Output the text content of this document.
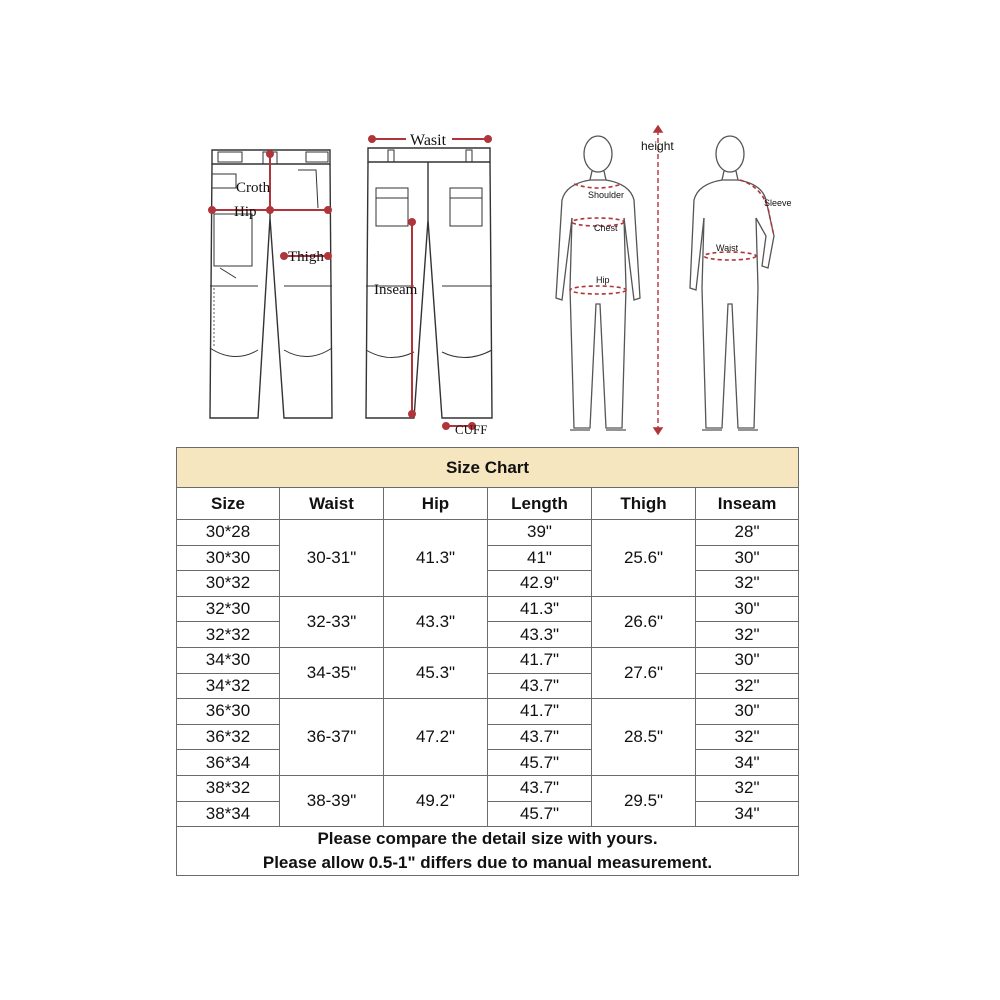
Croth
Hip
Thigh
Wasit
Inseam
CUFF
Shoulder
Chest
Hip
height
Sleeve
Waist
Size Chart					
Size	Waist	Hip	Length	Thigh	Inseam
30*28	30-31"	41.3"	39"	25.6"	28"
30*30			41"		30"
30*32			42.9"		32"
32*30	32-33"	43.3"	41.3"	26.6"	30"
32*32			43.3"		32"
34*30	34-35"	45.3"	41.7"	27.6"	30"
34*32			43.7"		32"
36*30	36-37"	47.2"	41.7"	28.5"	30"
36*32			43.7"		32"
36*34			45.7"		34"
38*32	38-39"	49.2"	43.7"	29.5"	32"
38*34			45.7"		34"

Please compare the detail size with yours.
Please allow 0.5-1" differs due to manual measurement.					
